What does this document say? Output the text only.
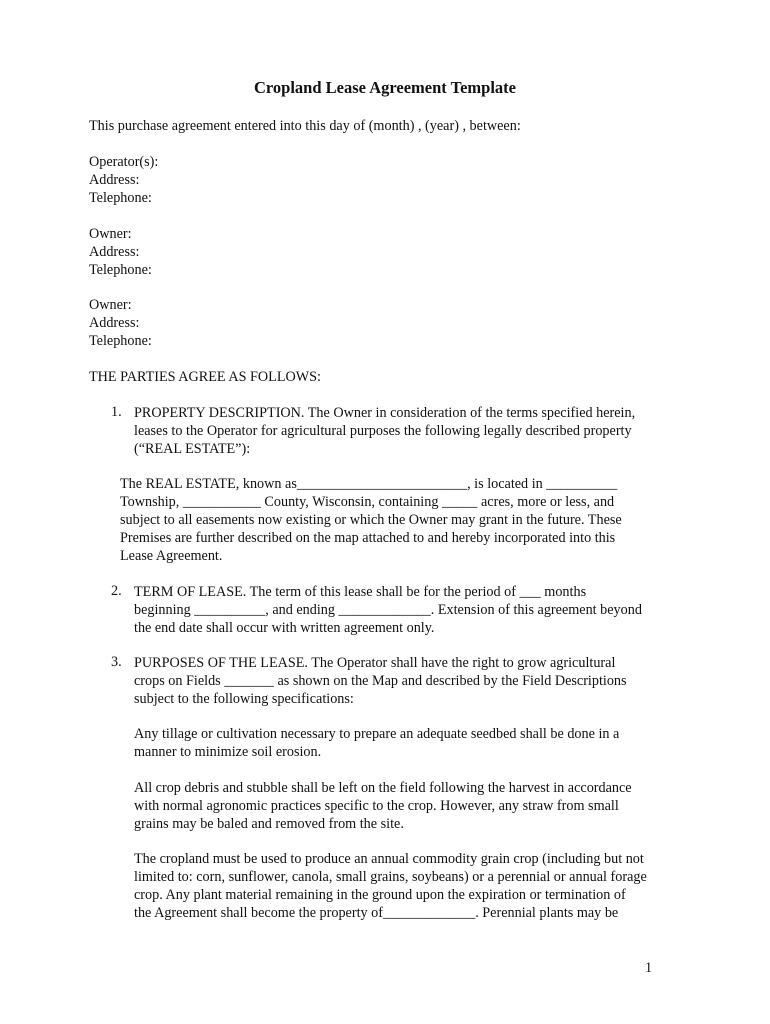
Cropland Lease Agreement Template

This purchase agreement entered into this day of (month) , (year) , between:

Operator(s):

Address:

Telephone:

Owner:

Address:

Telephone:

Owner:

Address:

Telephone:

THE PARTIES AGREE AS FOLLOWS:

1. PROPERTY DESCRIPTION. The Owner in consideration of the terms specified herein,

leases to the Operator for agricultural purposes the following legally described property

(“REAL ESTATE”):

The REAL ESTATE, known as________________________, is located in __________

Township, ___________ County, Wisconsin, containing _____ acres, more or less, and

subject to all easements now existing or which the Owner may grant in the future. These

Premises are further described on the map attached to and hereby incorporated into this

Lease Agreement.

2. TERM OF LEASE. The term of this lease shall be for the period of ___ months

beginning __________, and ending _____________. Extension of this agreement beyond

the end date shall occur with written agreement only.

3. PURPOSES OF THE LEASE. The Operator shall have the right to grow agricultural

crops on Fields _______ as shown on the Map and described by the Field Descriptions

subject to the following specifications:

Any tillage or cultivation necessary to prepare an adequate seedbed shall be done in a

manner to minimize soil erosion.

All crop debris and stubble shall be left on the field following the harvest in accordance

with normal agronomic practices specific to the crop. However, any straw from small

grains may be baled and removed from the site.

The cropland must be used to produce an annual commodity grain crop (including but not

limited to: corn, sunflower, canola, small grains, soybeans) or a perennial or annual forage

crop. Any plant material remaining in the ground upon the expiration or termination of

the Agreement shall become the property of_____________. Perennial plants may be

1
